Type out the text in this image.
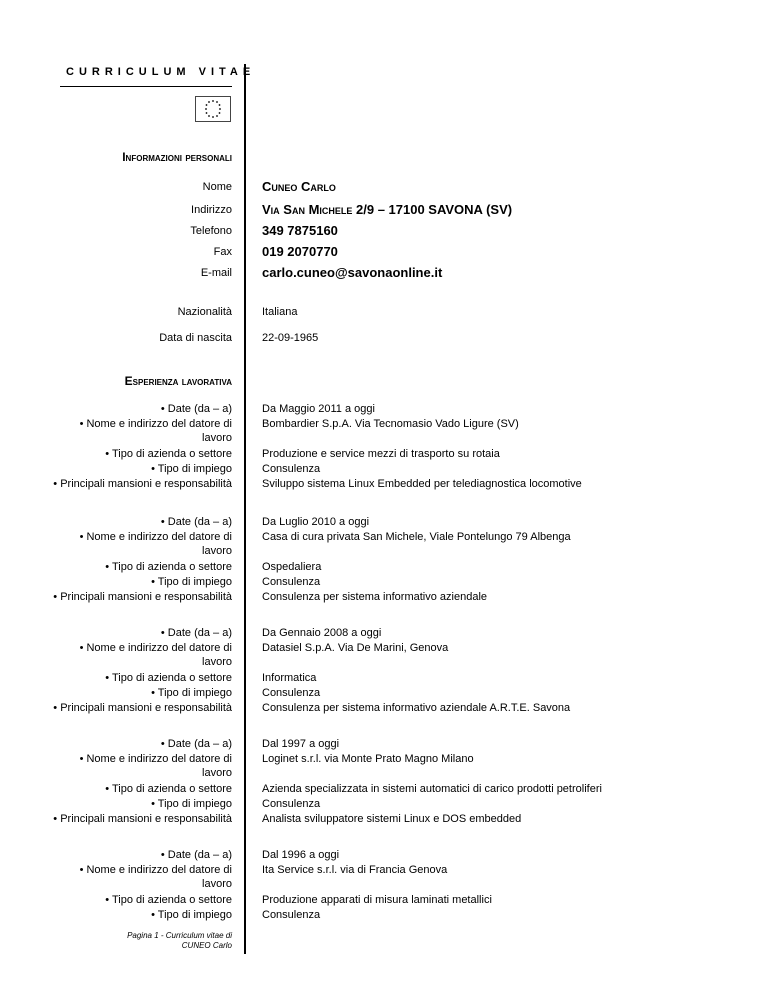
CURRICULUM VITAE
Informazioni personali
Nome Cuneo Carlo
Indirizzo Via San Michele 2/9 – 17100 SAVONA (SV)
Telefono 349 7875160
Fax 019 2070770
E-mail carlo.cuneo@savonaonline.it
Nazionalità	Italiana
Data di nascita	22-09-1965
Esperienza lavorativa
• Date (da – a)	Da Maggio 2011 a oggi
• Nome e indirizzo del datore di	Bombardier S.p.A. Via Tecnomasio Vado Ligure (SV)
lavoro
• Tipo di azienda o settore	Produzione e service mezzi di trasporto su rotaia
• Tipo di impiego	Consulenza
• Principali mansioni e responsabilità	Sviluppo sistema Linux Embedded per telediagnostica locomotive
• Date (da – a)	Da Luglio 2010 a oggi
• Nome e indirizzo del datore di	Casa di cura privata San Michele, Viale Pontelungo 79 Albenga
lavoro
• Tipo di azienda o settore	Ospedaliera
• Tipo di impiego	Consulenza
• Principali mansioni e responsabilità	Consulenza per sistema informativo aziendale
• Date (da – a)	Da Gennaio 2008 a oggi
• Nome e indirizzo del datore di	Datasiel S.p.A. Via De Marini, Genova
lavoro
• Tipo di azienda o settore	Informatica
• Tipo di impiego	Consulenza
• Principali mansioni e responsabilità	Consulenza per sistema informativo aziendale A.R.T.E. Savona
• Date (da – a)	Dal 1997 a oggi
• Nome e indirizzo del datore di	Loginet s.r.l. via Monte Prato Magno Milano
lavoro
• Tipo di azienda o settore	Azienda specializzata in sistemi automatici di carico prodotti petroliferi
• Tipo di impiego	Consulenza
• Principali mansioni e responsabilità	Analista sviluppatore sistemi Linux e DOS embedded
• Date (da – a)	Dal 1996 a oggi
• Nome e indirizzo del datore di	Ita Service s.r.l. via di Francia Genova
lavoro
• Tipo di azienda o settore	Produzione apparati di misura laminati metallici
• Tipo di impiego	Consulenza
Pagina 1 - Curriculum vitae di
CUNEO Carlo
